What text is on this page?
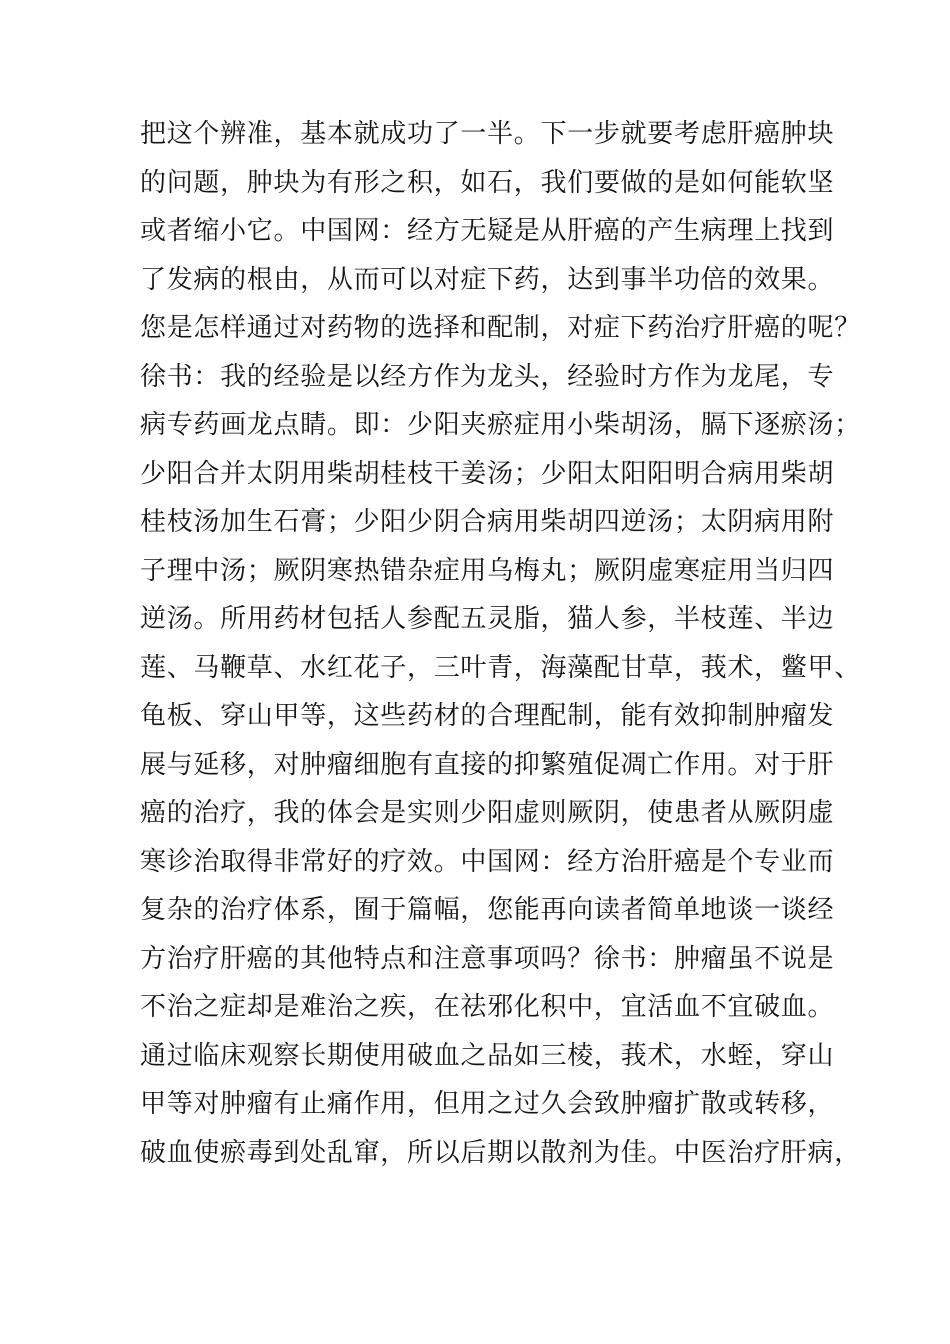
把这个辨准，基本就成功了一半。下一步就要考虑肝癌肿块
的问题，肿块为有形之积，如石，我们要做的是如何能软坚
或者缩小它。中国网：经方无疑是从肝癌的产生病理上找到
了发病的根由，从而可以对症下药，达到事半功倍的效果。
您是怎样通过对药物的选择和配制，对症下药治疗肝癌的呢？
徐书：我的经验是以经方作为龙头，经验时方作为龙尾，专
病专药画龙点睛。即：少阳夹瘀症用小柴胡汤，膈下逐瘀汤；
少阳合并太阴用柴胡桂枝干姜汤；少阳太阳阳明合病用柴胡
桂枝汤加生石膏；少阳少阴合病用柴胡四逆汤；太阴病用附
子理中汤；厥阴寒热错杂症用乌梅丸；厥阴虚寒症用当归四
逆汤。所用药材包括人参配五灵脂，猫人参，半枝莲、半边
莲、马鞭草、水红花子，三叶青，海藻配甘草，莪术，鳖甲、
龟板、穿山甲等，这些药材的合理配制，能有效抑制肿瘤发
展与延移，对肿瘤细胞有直接的抑繁殖促凋亡作用。对于肝
癌的治疗，我的体会是实则少阳虚则厥阴，使患者从厥阴虚
寒诊治取得非常好的疗效。中国网：经方治肝癌是个专业而
复杂的治疗体系，囿于篇幅，您能再向读者简单地谈一谈经
方治疗肝癌的其他特点和注意事项吗？徐书：肿瘤虽不说是
不治之症却是难治之疾，在祛邪化积中，宜活血不宜破血。
通过临床观察长期使用破血之品如三棱，莪术，水蛭，穿山
甲等对肿瘤有止痛作用，但用之过久会致肿瘤扩散或转移，
破血使瘀毒到处乱窜，所以后期以散剂为佳。中医治疗肝病，
